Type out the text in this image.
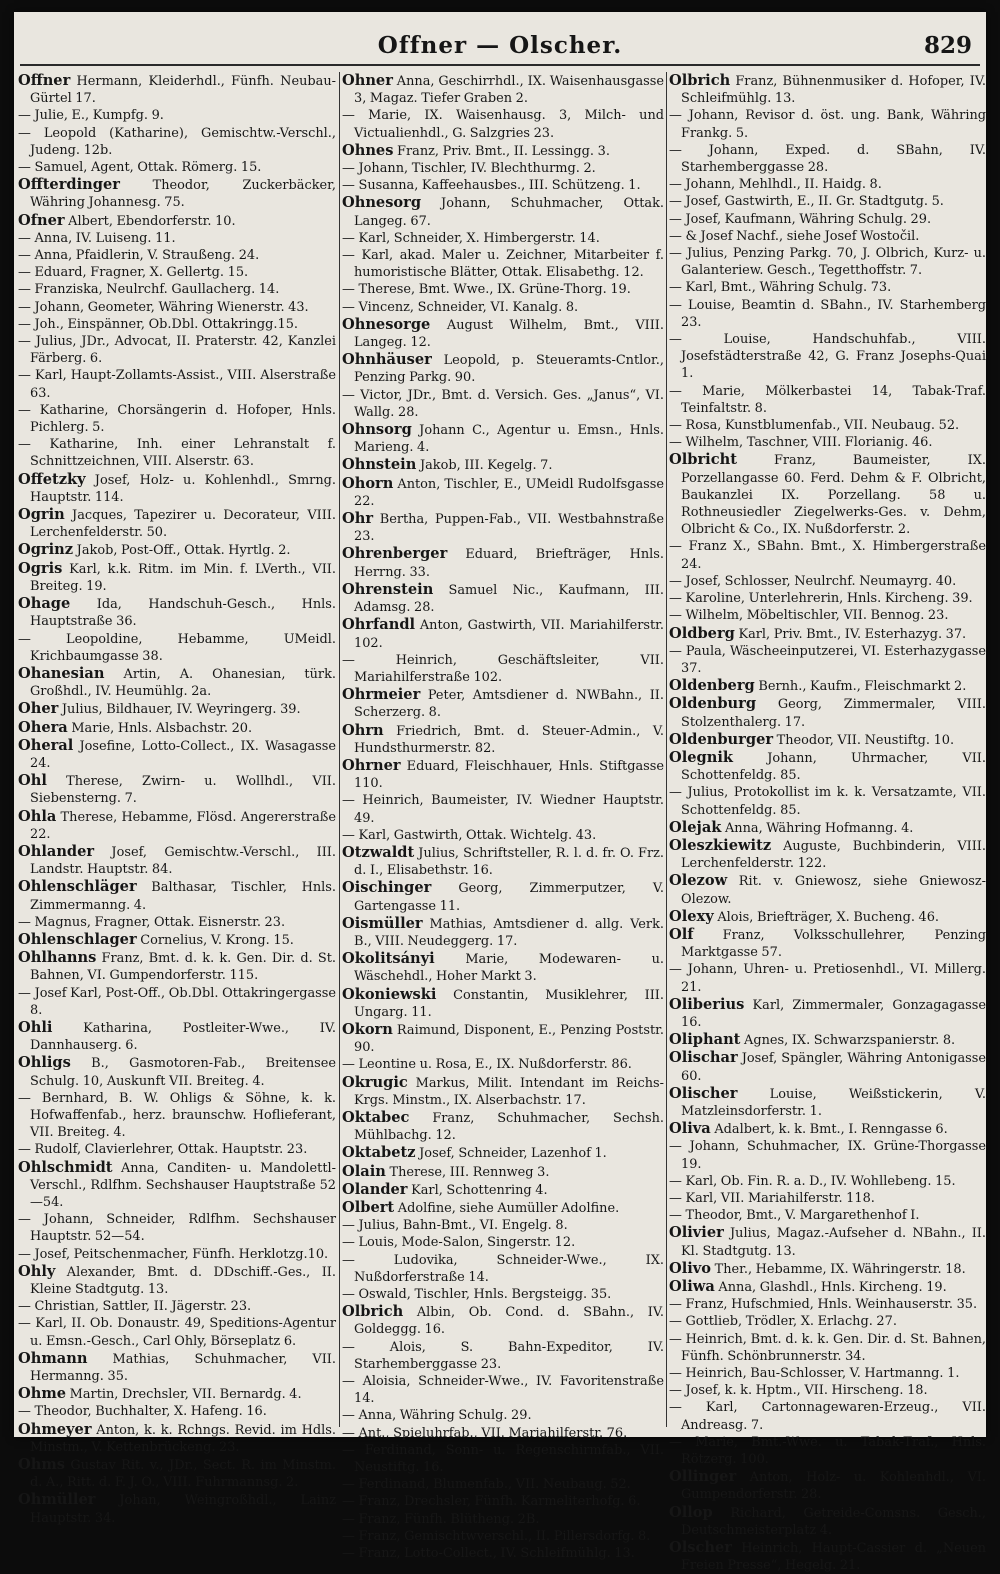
Offner — Olscher.	829
Offner Hermann, Kleiderhdl., Fünfh. Neubau-Gürtel 17.
— Julie, E., Kumpfg. 9.
— Leopold (Katharine), Gemischtw.-Verschl., Judeng. 12b.
— Samuel, Agent, Ottak. Römerg. 15.
Offterdinger Theodor, Zuckerbäcker, Währing Johannesg. 75.
Ofner Albert, Ebendorferstr. 10.
— Anna, IV. Luiseng. 11.
— Anna, Pfaidlerin, V. Straußeng. 24.
— Eduard, Fragner, X. Gellertg. 15.
— Franziska, Neulrchf. Gaullacherg. 14.
— Johann, Geometer, Währing Wienerstr. 43.
— Joh., Einspänner, Ob.Dbl. Ottakringg.15.
— Julius, JDr., Advocat, II. Praterstr. 42, Kanzlei Färberg. 6.
— Karl, Haupt-Zollamts-Assist., VIII. Alserstraße 63.
— Katharine, Chorsängerin d. Hofoper, Hnls. Pichlerg. 5.
— Katharine, Inh. einer Lehranstalt f. Schnittzeichnen, VIII. Alserstr. 63.
Offetzky Josef, Holz- u. Kohlenhdl., Smrng. Hauptstr. 114.
Ogrin Jacques, Tapezirer u. Decorateur, VIII. Lerchenfelderstr. 50.
Ogrinz Jakob, Post-Off., Ottak. Hyrtlg. 2.
Ogris Karl, k.k. Ritm. im Min. f. LVerth., VII. Breiteg. 19.
Ohage Ida, Handschuh-Gesch., Hnls. Hauptstraße 36.
— Leopoldine, Hebamme, UMeidl. Krichbaumgasse 38.
Ohanesian Artin, A. Ohanesian, türk. Großhdl., IV. Heumühlg. 2a.
Oher Julius, Bildhauer, IV. Weyringerg. 39.
Ohera Marie, Hnls. Alsbachstr. 20.
Oheral Josefine, Lotto-Collect., IX. Wasagasse 24.
Ohl Therese, Zwirn- u. Wollhdl., VII. Siebensterng. 7.
Ohla Therese, Hebamme, Flösd. Angererstraße 22.
Ohlander Josef, Gemischtw.-Verschl., III. Landstr. Hauptstr. 84.
Ohlenschläger Balthasar, Tischler, Hnls. Zimmermanng. 4.
— Magnus, Fragner, Ottak. Eisnerstr. 23.
Ohlenschlager Cornelius, V. Krong. 15.
Ohlhanns Franz, Bmt. d. k. k. Gen. Dir. d. St. Bahnen, VI. Gumpendorferstr. 115.
— Josef Karl, Post-Off., Ob.Dbl. Ottakringergasse 8.
Ohli Katharina, Postleiter-Wwe., IV. Dannhauserg. 6.
Ohligs B., Gasmotoren-Fab., Breitensee Schulg. 10, Auskunft VII. Breiteg. 4.
— Bernhard, B. W. Ohligs & Söhne, k. k. Hofwaffenfab., herz. braunschw. Hoflieferant, VII. Breiteg. 4.
— Rudolf, Clavierlehrer, Ottak. Hauptstr. 23.
Ohlschmidt Anna, Canditen- u. Mandolettl-Verschl., Rdlfhm. Sechshauser Hauptstraße 52—54.
— Johann, Schneider, Rdlfhm. Sechshauser Hauptstr. 52—54.
— Josef, Peitschenmacher, Fünfh. Herklotzg.10.
Ohly Alexander, Bmt. d. DDschiff.-Ges., II. Kleine Stadtgutg. 13.
— Christian, Sattler, II. Jägerstr. 23.
— Karl, II. Ob. Donaustr. 49, Speditions-Agentur u. Emsn.-Gesch., Carl Ohly, Börseplatz 6.
Ohmann Mathias, Schuhmacher, VII. Hermanng. 35.
Ohme Martin, Drechsler, VII. Bernardg. 4.
— Theodor, Buchhalter, X. Hafeng. 16.
Ohmeyer Anton, k. k. Rchngs. Revid. im Hdls. Minstm., V. Kettenbrückeng. 23.
Ohms Gustav Rit. v., JDr., Sect. R. im Minstm. d. A., Ritt. d. F. J. O., VIII. Fuhrmannsg. 2.
Ohmüller Johan, Weingroßhdl., Lainz Hauptstr. 34.
Ohner Anna, Geschirrhdl., IX. Waisenhausgasse 3, Magaz. Tiefer Graben 2.
— Marie, IX. Waisenhausg. 3, Milch- und Victualienhdl., G. Salzgries 23.
Ohnes Franz, Priv. Bmt., II. Lessingg. 3.
— Johann, Tischler, IV. Blechthurmg. 2.
— Susanna, Kaffeehausbes., III. Schützeng. 1.
Ohnesorg Johann, Schuhmacher, Ottak. Langeg. 67.
— Karl, Schneider, X. Himbergerstr. 14.
— Karl, akad. Maler u. Zeichner, Mitarbeiter f. humoristische Blätter, Ottak. Elisabethg. 12.
— Therese, Bmt. Wwe., IX. Grüne-Thorg. 19.
— Vincenz, Schneider, VI. Kanalg. 8.
Ohnesorge August Wilhelm, Bmt., VIII. Langeg. 12.
Ohnhäuser Leopold, p. Steueramts-Cntlor., Penzing Parkg. 90.
— Victor, JDr., Bmt. d. Versich. Ges. „Janus“, VI. Wallg. 28.
Ohnsorg Johann C., Agentur u. Emsn., Hnls. Marieng. 4.
Ohnstein Jakob, III. Kegelg. 7.
Ohorn Anton, Tischler, E., UMeidl Rudolfsgasse 22.
Ohr Bertha, Puppen-Fab., VII. Westbahnstraße 23.
Ohrenberger Eduard, Briefträger, Hnls. Herrng. 33.
Ohrenstein Samuel Nic., Kaufmann, III. Adamsg. 28.
Ohrfandl Anton, Gastwirth, VII. Mariahilferstr. 102.
— Heinrich, Geschäftsleiter, VII. Mariahilferstraße 102.
Ohrmeier Peter, Amtsdiener d. NWBahn., II. Scherzerg. 8.
Ohrn Friedrich, Bmt. d. Steuer-Admin., V. Hundsthurmerstr. 82.
Ohrner Eduard, Fleischhauer, Hnls. Stiftgasse 110.
— Heinrich, Baumeister, IV. Wiedner Hauptstr. 49.
— Karl, Gastwirth, Ottak. Wichtelg. 43.
Otzwaldt Julius, Schriftsteller, R. l. d. fr. O. Frz. d. I., Elisabethstr. 16.
Oischinger Georg, Zimmerputzer, V. Gartengasse 11.
Oismüller Mathias, Amtsdiener d. allg. Verk. B., VIII. Neudeggerg. 17.
Okolitsányi Marie, Modewaren- u. Wäschehdl., Hoher Markt 3.
Okoniewski Constantin, Musiklehrer, III. Ungarg. 11.
Okorn Raimund, Disponent, E., Penzing Poststr. 90.
— Leontine u. Rosa, E., IX. Nußdorferstr. 86.
Okrugic Markus, Milit. Intendant im Reichs-Krgs. Minstm., IX. Alserbachstr. 17.
Oktabec Franz, Schuhmacher, Sechsh. Mühlbachg. 12.
Oktabetz Josef, Schneider, Lazenhof 1.
Olain Therese, III. Rennweg 3.
Olander Karl, Schottenring 4.
Olbert Adolfine, siehe Aumüller Adolfine.
— Julius, Bahn-Bmt., VI. Engelg. 8.
— Louis, Mode-Salon, Singerstr. 12.
— Ludovika, Schneider-Wwe., IX. Nußdorferstraße 14.
— Oswald, Tischler, Hnls. Bergsteigg. 35.
Olbrich Albin, Ob. Cond. d. SBahn., IV. Goldeggg. 16.
— Alois, S. Bahn-Expeditor, IV. Starhemberggasse 23.
— Aloisia, Schneider-Wwe., IV. Favoritenstraße 14.
— Anna, Währing Schulg. 29.
— Ant., Spieluhrfab., VII. Mariahilferstr. 76.
— Ferdinand, Sonn- u. Regenschirmfab., VII. Neustiftg. 16.
— Ferdinand, Blumenfab., VII. Neubaug. 52.
— Franz, Drechsler, Fünfh. Karmeliterhofg. 6.
— Franz, Fünfh. Blütheng. 2B.
— Franz, Gemischtwverschl., II. Pillersdorfg. 8.
— Franz, Lotto-Collect., IV. Schleifmühlg. 13.
Olbrich Franz, Bühnenmusiker d. Hofoper, IV. Schleifmühlg. 13.
— Johann, Revisor d. öst. ung. Bank, Währing Frankg. 5.
— Johann, Exped. d. SBahn, IV. Starhemberggasse 28.
— Johann, Mehlhdl., II. Haidg. 8.
— Josef, Gastwirth, E., II. Gr. Stadtgutg. 5.
— Josef, Kaufmann, Währing Schulg. 29.
— & Josef Nachf., siehe Josef Wostočil.
— Julius, Penzing Parkg. 70, J. Olbrich, Kurz- u. Galanteriew. Gesch., Tegetthoffstr. 7.
— Karl, Bmt., Währing Schulg. 73.
— Louise, Beamtin d. SBahn., IV. Starhemberg 23.
— Louise, Handschuhfab., VIII. Josefstädterstraße 42, G. Franz Josephs-Quai 1.
— Marie, Mölkerbastei 14, Tabak-Traf. Teinfaltstr. 8.
— Rosa, Kunstblumenfab., VII. Neubaug. 52.
— Wilhelm, Taschner, VIII. Florianig. 46.
Olbricht Franz, Baumeister, IX. Porzellangasse 60. Ferd. Dehm & F. Olbricht, Baukanzlei IX. Porzellang. 58 u. Rothneusiedler Ziegelwerks-Ges. v. Dehm, Olbricht & Co., IX. Nußdorferstr. 2.
— Franz X., SBahn. Bmt., X. Himbergerstraße 24.
— Josef, Schlosser, Neulrchf. Neumayrg. 40.
— Karoline, Unterlehrerin, Hnls. Kircheng. 39.
— Wilhelm, Möbeltischler, VII. Bennog. 23.
Oldberg Karl, Priv. Bmt., IV. Esterhazyg. 37.
— Paula, Wäscheeinputzerei, VI. Esterhazygasse 37.
Oldenberg Bernh., Kaufm., Fleischmarkt 2.
Oldenburg Georg, Zimmermaler, VIII. Stolzenthalerg. 17.
Oldenburger Theodor, VII. Neustiftg. 10.
Olegnik Johann, Uhrmacher, VII. Schottenfeldg. 85.
— Julius, Protokollist im k. k. Versatzamte, VII. Schottenfeldg. 85.
Olejak Anna, Währing Hofmanng. 4.
Oleszkiewitz Auguste, Buchbinderin, VIII. Lerchenfelderstr. 122.
Olezow Rit. v. Gniewosz, siehe Gniewosz-Olezow.
Olexy Alois, Briefträger, X. Bucheng. 46.
Olf Franz, Volksschullehrer, Penzing Marktgasse 57.
— Johann, Uhren- u. Pretiosenhdl., VI. Millerg. 21.
Oliberius Karl, Zimmermaler, Gonzagagasse 16.
Oliphant Agnes, IX. Schwarzspanierstr. 8.
Olischar Josef, Spängler, Währing Antonigasse 60.
Olischer Louise, Weißstickerin, V. Matzleinsdorferstr. 1.
Oliva Adalbert, k. k. Bmt., I. Renngasse 6.
— Johann, Schuhmacher, IX. Grüne-Thorgasse 19.
— Karl, Ob. Fin. R. a. D., IV. Wohllebeng. 15.
— Karl, VII. Mariahilferstr. 118.
— Theodor, Bmt., V. Margarethenhof I.
Olivier Julius, Magaz.-Aufseher d. NBahn., II. Kl. Stadtgutg. 13.
Olivo Ther., Hebamme, IX. Währingerstr. 18.
Oliwa Anna, Glashdl., Hnls. Kircheng. 19.
— Franz, Hufschmied, Hnls. Weinhauserstr. 35.
— Gottlieb, Trödler, X. Erlachg. 27.
— Heinrich, Bmt. d. k. k. Gen. Dir. d. St. Bahnen, Fünfh. Schönbrunnerstr. 34.
— Heinrich, Bau-Schlosser, V. Hartmanng. 1.
— Josef, k. k. Hptm., VII. Hirscheng. 18.
— Karl, Cartonnagewaren-Erzeug., VII. Andreasg. 7.
— Marie, Bmt.-Wwe. u. Tabak-Traf., Hnls. Rötzerg. 100.
Ollinger Anton, Holz- u. Kohlenhdl., VI. Gumpendorferstr. 28.
Ollop Richard, Getreide-Comsns. Gesch., Deutschmeisterplatz 4.
Olscher Heinrich, Haupt-Cassier d. „Neuen Freien Presse“, Hegelg. 21.
